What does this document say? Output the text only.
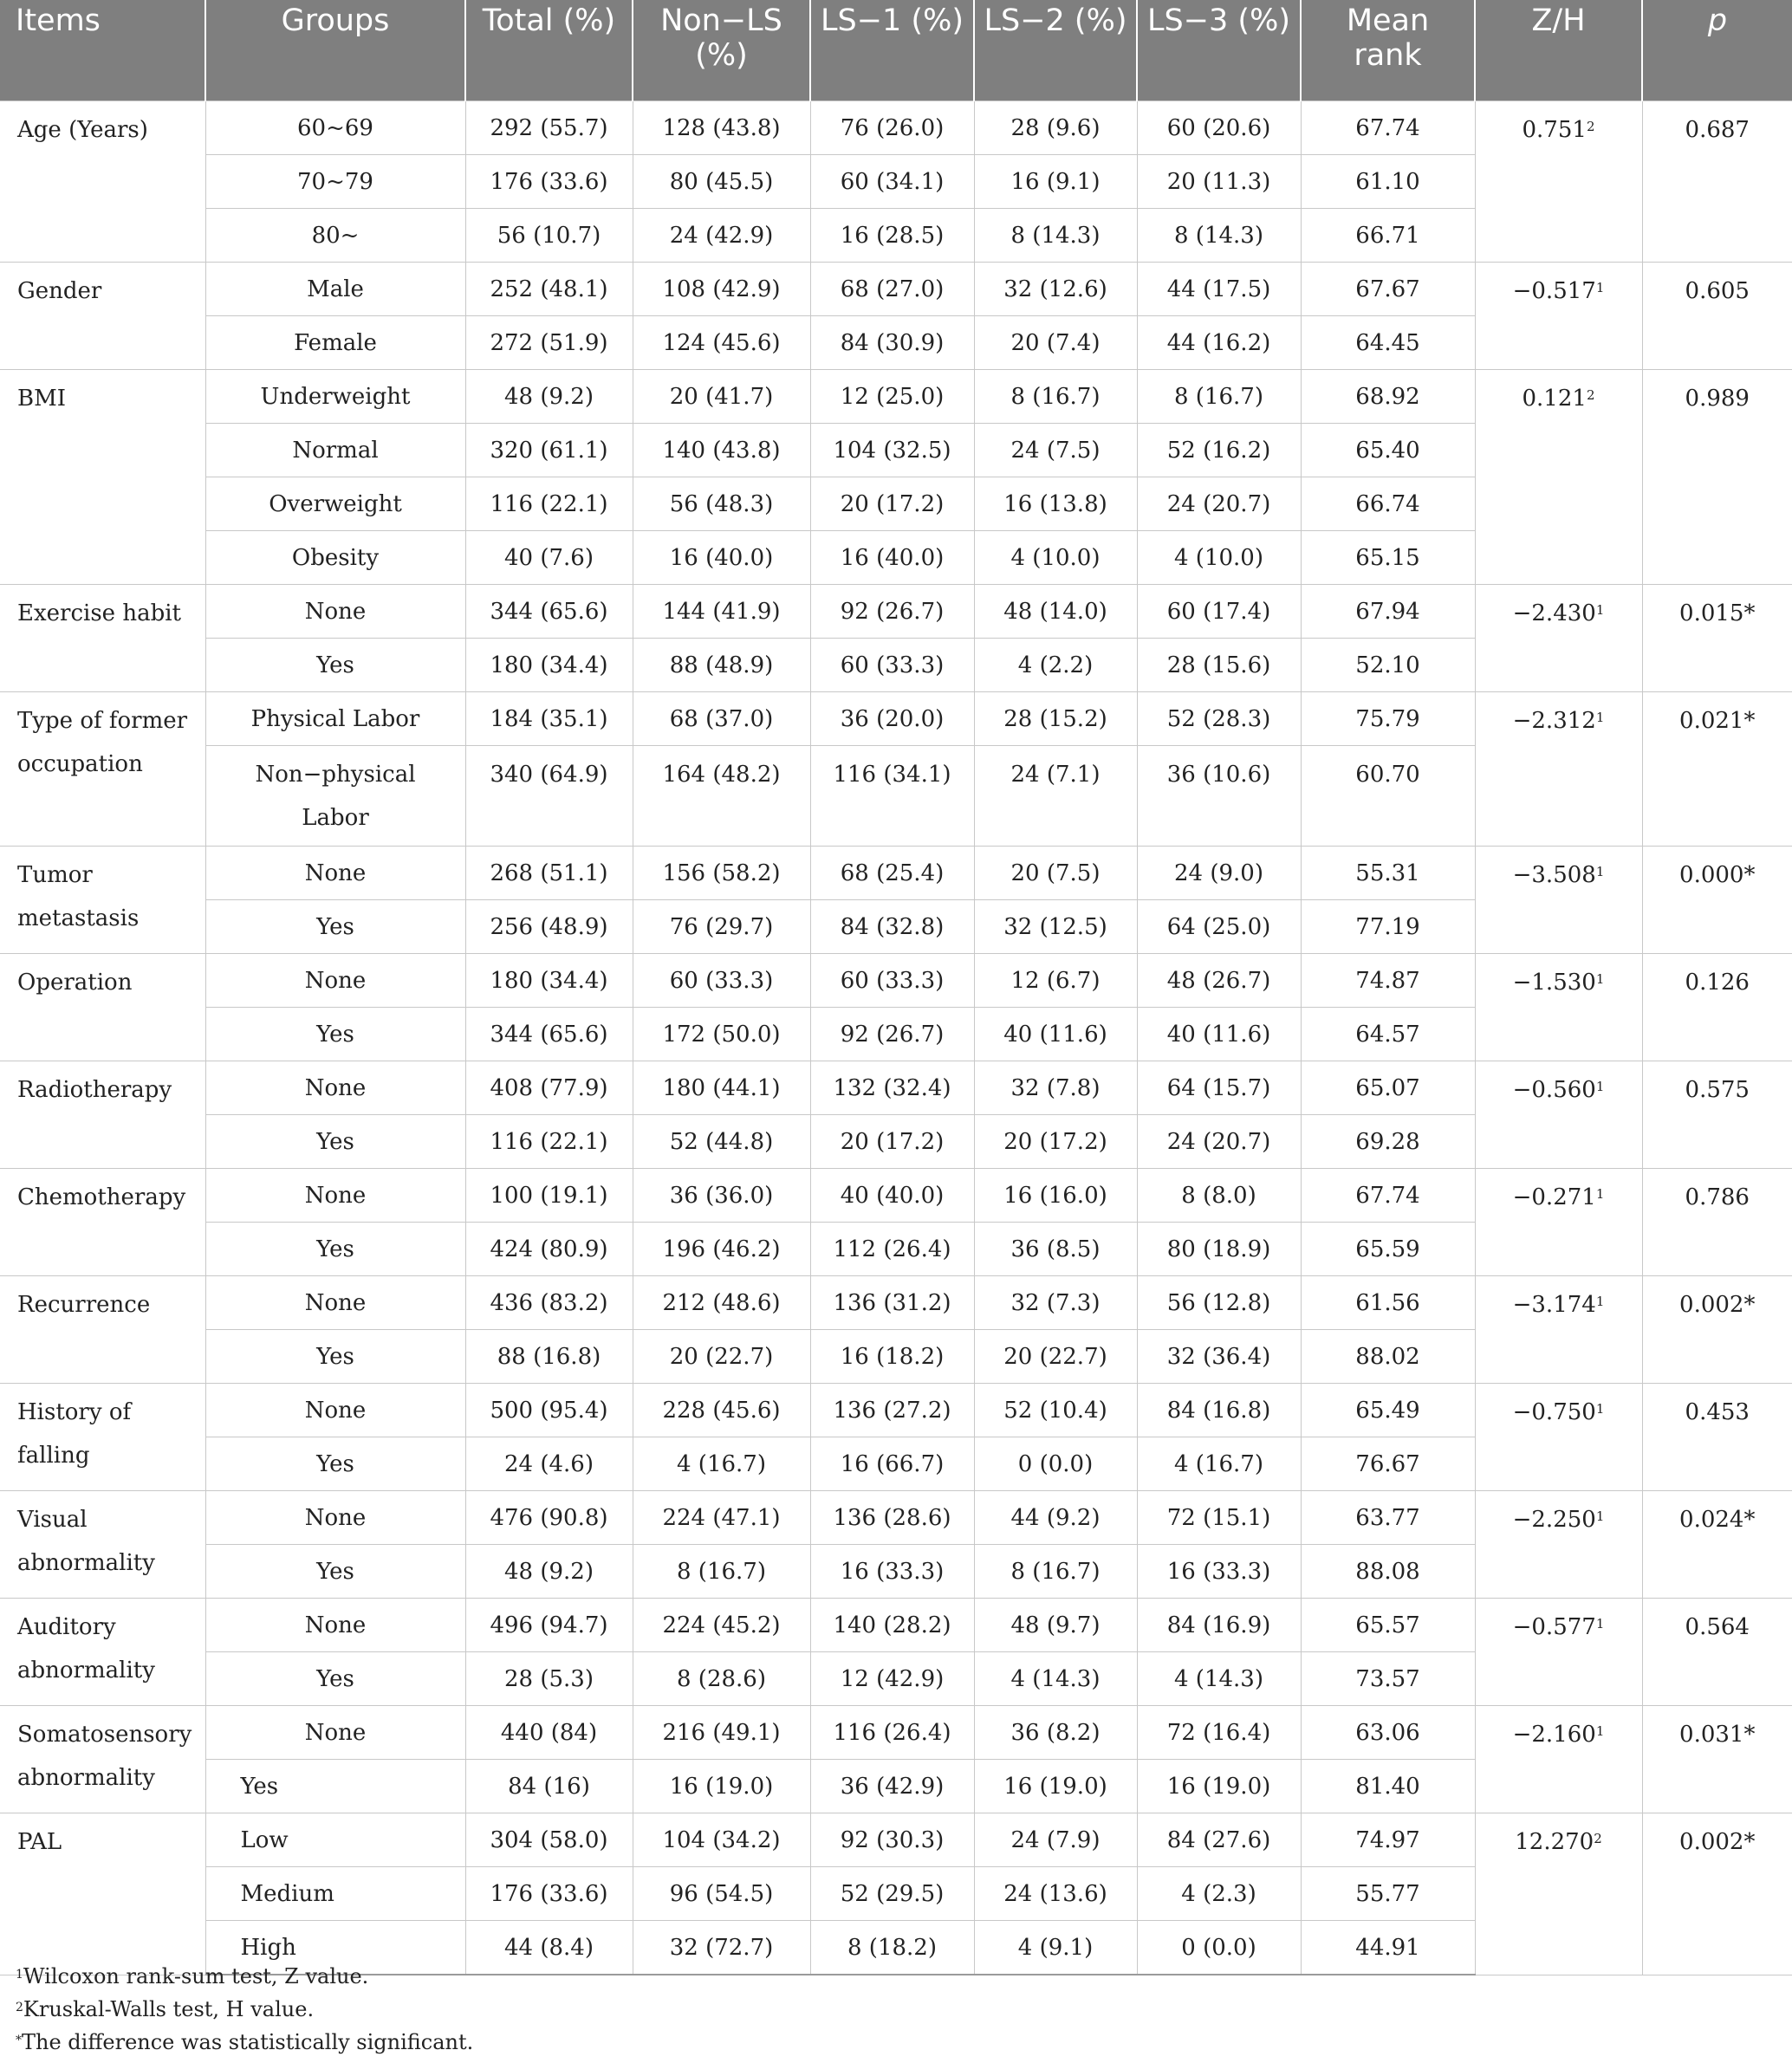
Items	Groups	Total (%)	Non−LS (%)	LS−1 (%)	LS−2 (%)	LS−3 (%)	Mean rank	Z/H	p
Age (Years)	60~69	292 (55.7)	128 (43.8)	76 (26.0)	28 (9.6)	60 (20.6)	67.74	0.751$^2$	0.687
	70~79	176 (33.6)	80 (45.5)	60 (34.1)	16 (9.1)	20 (11.3)	61.10		
	80~	56 (10.7)	24 (42.9)	16 (28.5)	8 (14.3)	8 (14.3)	66.71		
Gender	Male	252 (48.1)	108 (42.9)	68 (27.0)	32 (12.6)	44 (17.5)	67.67	$-0.517^1$	0.605
	Female	272 (51.9)	124 (45.6)	84 (30.9)	20 (7.4)	44 (16.2)	64.45		
BMI	Underweight	48 (9.2)	20 (41.7)	12 (25.0)	8 (16.7)	8 (16.7)	68.92	0.121$^2$	0.989
	Normal	320 (61.1)	140 (43.8)	104 (32.5)	24 (7.5)	52 (16.2)	65.40		
	Overweight	116 (22.1)	56 (48.3)	20 (17.2)	16 (13.8)	24 (20.7)	66.74		
	Obesity	40 (7.6)	16 (40.0)	16 (40.0)	4 (10.0)	4 (10.0)	65.15		
Exercise habit	None	344 (65.6)	144 (41.9)	92 (26.7)	48 (14.0)	60 (17.4)	67.94	$-2.430^1$	0.015*
	Yes	180 (34.4)	88 (48.9)	60 (33.3)	4 (2.2)	28 (15.6)	52.10		
Type of former occupation	Physical Labor	184 (35.1)	68 (37.0)	36 (20.0)	28 (15.2)	52 (28.3)	75.79	$-2.312^1$	0.021*
	Non−physical Labor	340 (64.9)	164 (48.2)	116 (34.1)	24 (7.1)	36 (10.6)	60.70		
Tumor metastasis	None	268 (51.1)	156 (58.2)	68 (25.4)	20 (7.5)	24 (9.0)	55.31	$-3.508^1$	0.000*
	Yes	256 (48.9)	76 (29.7)	84 (32.8)	32 (12.5)	64 (25.0)	77.19		
Operation	None	180 (34.4)	60 (33.3)	60 (33.3)	12 (6.7)	48 (26.7)	74.87	$-1.530^1$	0.126
	Yes	344 (65.6)	172 (50.0)	92 (26.7)	40 (11.6)	40 (11.6)	64.57		
Radiotherapy	None	408 (77.9)	180 (44.1)	132 (32.4)	32 (7.8)	64 (15.7)	65.07	$-0.560^1$	0.575
	Yes	116 (22.1)	52 (44.8)	20 (17.2)	20 (17.2)	24 (20.7)	69.28		
Chemotherapy	None	100 (19.1)	36 (36.0)	40 (40.0)	16 (16.0)	8 (8.0)	67.74	$-0.271^1$	0.786
	Yes	424 (80.9)	196 (46.2)	112 (26.4)	36 (8.5)	80 (18.9)	65.59		
Recurrence	None	436 (83.2)	212 (48.6)	136 (31.2)	32 (7.3)	56 (12.8)	61.56	$-3.174^1$	0.002*
	Yes	88 (16.8)	20 (22.7)	16 (18.2)	20 (22.7)	32 (36.4)	88.02		
History of falling	None	500 (95.4)	228 (45.6)	136 (27.2)	52 (10.4)	84 (16.8)	65.49	$-0.750^1$	0.453
	Yes	24 (4.6)	4 (16.7)	16 (66.7)	0 (0.0)	4 (16.7)	76.67		
Visual abnormality	None	476 (90.8)	224 (47.1)	136 (28.6)	44 (9.2)	72 (15.1)	63.77	$-2.250^1$	0.024*
	Yes	48 (9.2)	8 (16.7)	16 (33.3)	8 (16.7)	16 (33.3)	88.08		
Auditory abnormality	None	496 (94.7)	224 (45.2)	140 (28.2)	48 (9.7)	84 (16.9)	65.57	$-0.577^1$	0.564
	Yes	28 (5.3)	8 (28.6)	12 (42.9)	4 (14.3)	4 (14.3)	73.57		
Somatosensory abnormality	None	440 (84)	216 (49.1)	116 (26.4)	36 (8.2)	72 (16.4)	63.06	$-2.160^1$	0.031*
	Yes	84 (16)	16 (19.0)	36 (42.9)	16 (19.0)	16 (19.0)	81.40		
PAL	Low	304 (58.0)	104 (34.2)	92 (30.3)	24 (7.9)	84 (27.6)	74.97	12.270$^2$	0.002*
	Medium	176 (33.6)	96 (54.5)	52 (29.5)	24 (13.6)	4 (2.3)	55.77		
	High	44 (8.4)	32 (72.7)	8 (18.2)	4 (9.1)	0 (0.0)	44.91		
$^1$Wilcoxon rank-sum test, Z value.
$^2$Kruskal-Walls test, H value.
*The difference was statistically significant.
